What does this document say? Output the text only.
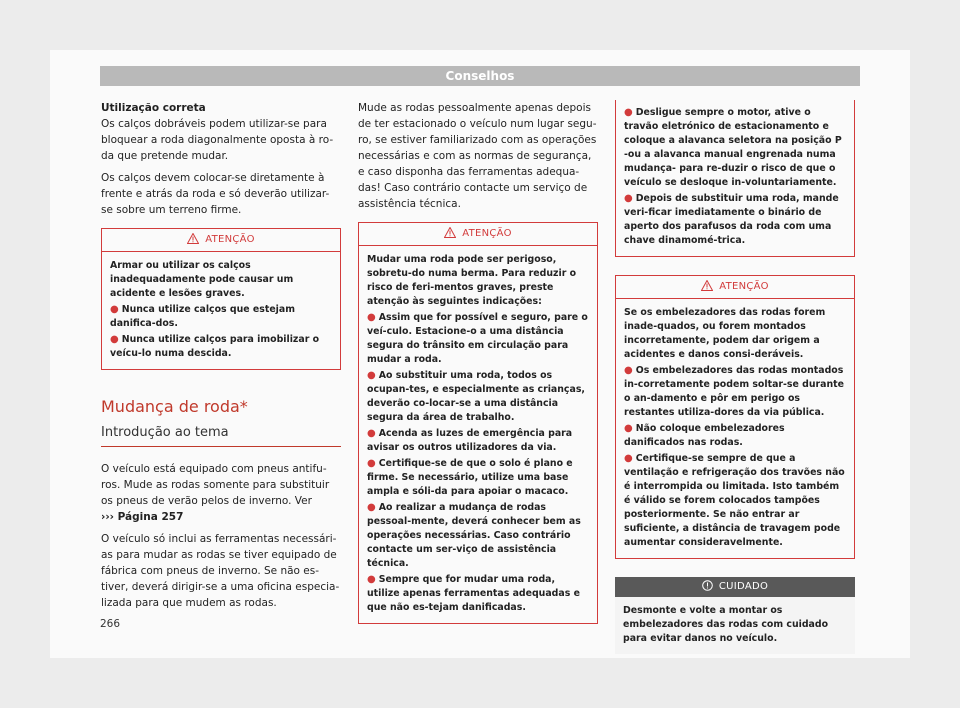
Conselhos
Utilização correta

Os calços dobráveis podem utilizar-se para bloquear a roda diagonalmente oposta à ro-da que pretende mudar.

Os calços devem colocar-se diretamente à frente e atrás da roda e só deverão utilizar-se sobre um terreno firme.

ATENÇÃO
Armar ou utilizar os calços inadequadamente pode causar um acidente e lesões graves.
● Nunca utilize calços que estejam danifica-dos.
● Nunca utilize calços para imobilizar o veícu-lo numa descida.
Mudança de roda*
Introdução ao tema

O veículo está equipado com pneus antifu-ros. Mude as rodas somente para substituir os pneus de verão pelos de inverno. Ver
››› Página 257

O veículo só inclui as ferramentas necessári-as para mudar as rodas se tiver equipado de fábrica com pneus de inverno. Se não es-tiver, deverá dirigir-se a uma oficina especia-lizada para que mudem as rodas.

Mude as rodas pessoalmente apenas depois de ter estacionado o veículo num lugar segu-ro, se estiver familiarizado com as operações necessárias e com as normas de segurança, e caso disponha das ferramentas adequa-das! Caso contrário contacte um serviço de assistência técnica.

ATENÇÃO
Mudar uma roda pode ser perigoso, sobretu-do numa berma. Para reduzir o risco de feri-mentos graves, preste atenção às seguintes indicações:
● Assim que for possível e seguro, pare o veí-culo. Estacione-o a uma distância segura do trânsito em circulação para mudar a roda.
● Ao substituir uma roda, todos os ocupan-tes, e especialmente as crianças, deverão co-locar-se a uma distância segura da área de trabalho.
● Acenda as luzes de emergência para avisar os outros utilizadores da via.
● Certifique-se de que o solo é plano e firme. Se necessário, utilize uma base ampla e sóli-da para apoiar o macaco.
● Ao realizar a mudança de rodas pessoal-mente, deverá conhecer bem as operações necessárias. Caso contrário contacte um ser-viço de assistência técnica.
● Sempre que for mudar uma roda, utilize apenas ferramentas adequadas e que não es-tejam danificadas.
● Desligue sempre o motor, ative o travão eletrónico de estacionamento e coloque a alavanca seletora na posição P -ou a alavanca manual engrenada numa mudança- para re-duzir o risco de que o veículo se desloque in-voluntariamente.
● Depois de substituir uma roda, mande veri-ficar imediatamente o binário de aperto dos parafusos da roda com uma chave dinamomé-trica.
ATENÇÃO
Se os embelezadores das rodas forem inade-quados, ou forem montados incorretamente, podem dar origem a acidentes e danos consi-deráveis.
● Os embelezadores das rodas montados in-corretamente podem soltar-se durante o an-damento e pôr em perigo os restantes utiliza-dores da via pública.
● Não coloque embelezadores danificados nas rodas.
● Certifique-se sempre de que a ventilação e refrigeração dos travões não é interrompida ou limitada. Isto também é válido se forem colocados tampões posteriormente. Se não entrar ar suficiente, a distância de travagem pode aumentar consideravelmente.
CUIDADO
Desmonte e volte a montar os embelezadores das rodas com cuidado para evitar danos no veículo.
266
